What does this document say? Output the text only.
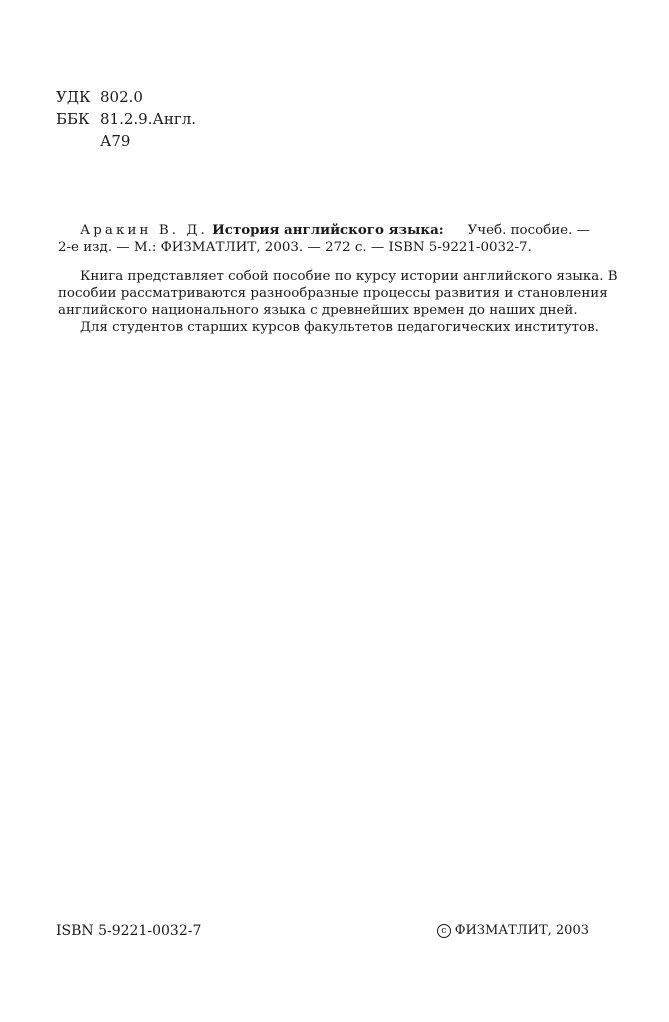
УДК 802.0
ББК 81.2.9.Англ.
А79
Аракин В. Д. История английского языка:	Учеб. пособие. —
2-е изд. — М.: ФИЗМАТЛИТ, 2003. — 272 с. — ISBN 5-9221-0032-7.
Книга представляет собой пособие по курсу истории английского языка. В
пособии рассматриваются разнообразные процессы развития и становления
английского национального языка с древнейших времен до наших дней.
Для студентов старших курсов факультетов педагогических институтов.
ISBN 5-9221-0032-7	c ФИЗМАТЛИТ, 2003
